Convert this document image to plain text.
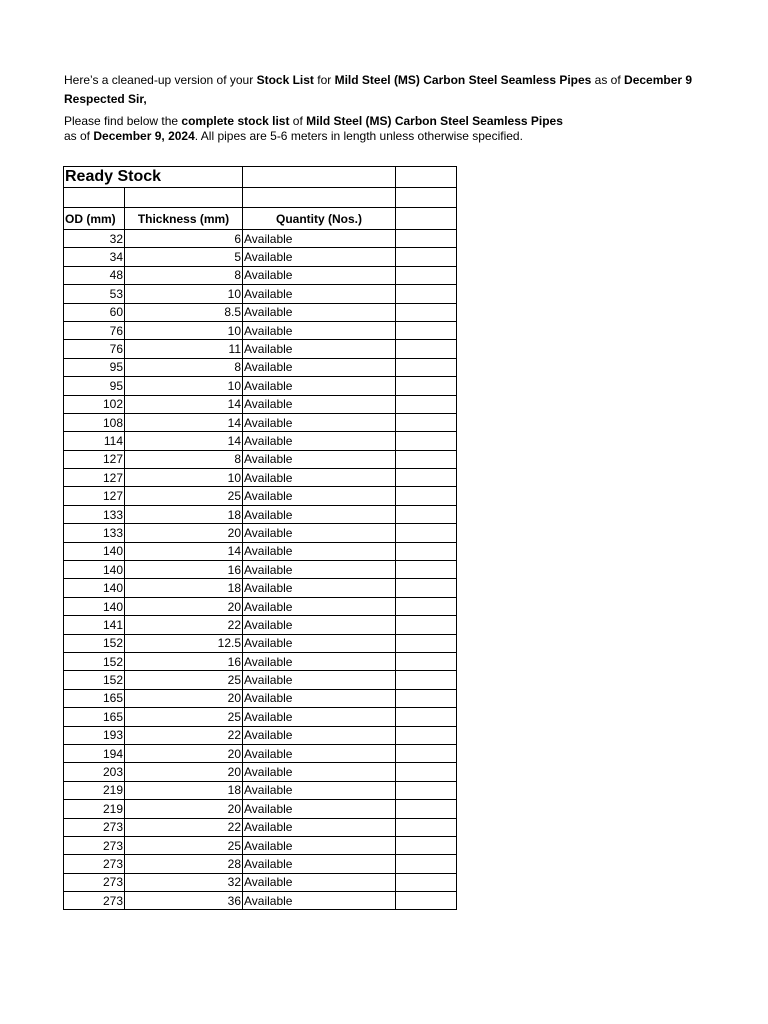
Here’s a cleaned-up version of your Stock List for Mild Steel (MS) Carbon Steel Seamless Pipes as of December 9
Respected Sir,
Please find below the complete stock list of Mild Steel (MS) Carbon Steel Seamless Pipes
as of December 9, 2024. All pipes are 5-6 meters in length unless otherwise specified.
Ready Stock			

OD (mm)	Thickness (mm)	Quantity (Nos.)	
32	6	Available	
34	5	Available	
48	8	Available	
53	10	Available	
60	8.5	Available	
76	10	Available	
76	11	Available	
95	8	Available	
95	10	Available	
102	14	Available	
108	14	Available	
114	14	Available	
127	8	Available	
127	10	Available	
127	25	Available	
133	18	Available	
133	20	Available	
140	14	Available	
140	16	Available	
140	18	Available	
140	20	Available	
141	22	Available	
152	12.5	Available	
152	16	Available	
152	25	Available	
165	20	Available	
165	25	Available	
193	22	Available	
194	20	Available	
203	20	Available	
219	18	Available	
219	20	Available	
273	22	Available	
273	25	Available	
273	28	Available	
273	32	Available	
273	36	Available	
